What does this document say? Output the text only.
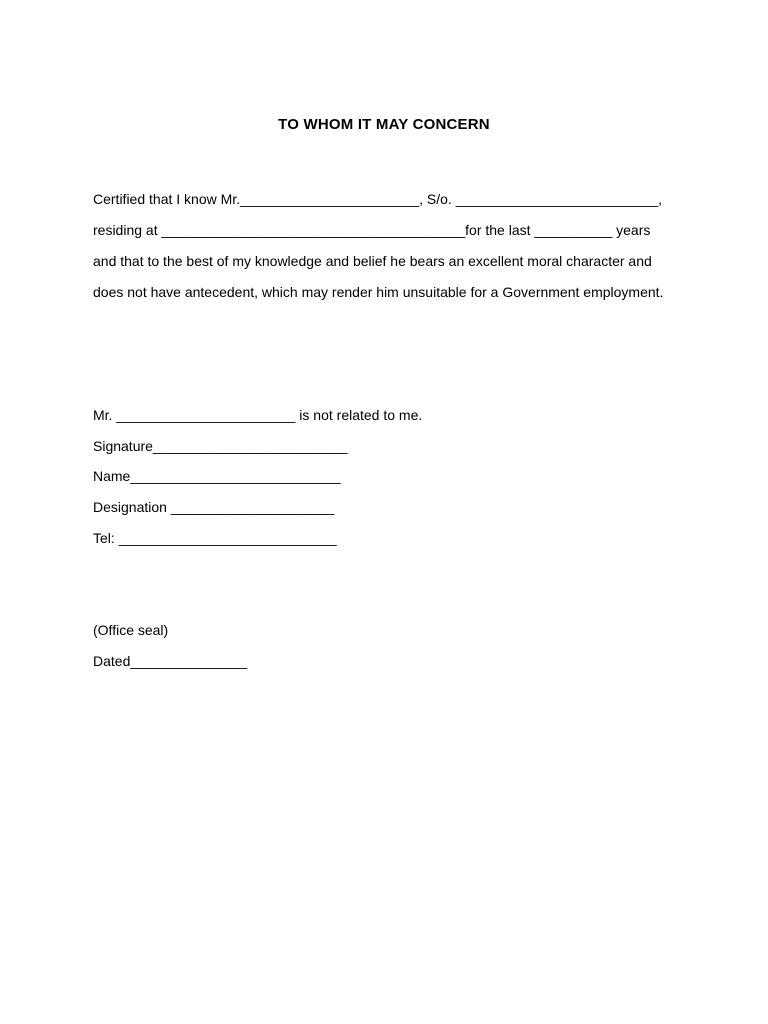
TO WHOM IT MAY CONCERN
Certified that I know Mr._______________________, S/o. __________________________,
residing at _______________________________________for the last __________ years
and that to the best of my knowledge and belief he bears an excellent moral character and
does not have antecedent, which may render him unsuitable for a Government employment.
Mr. _______________________ is not related to me.
Signature_________________________
Name___________________________
Designation _____________________
Tel: ____________________________
(Office seal)
Dated_______________
